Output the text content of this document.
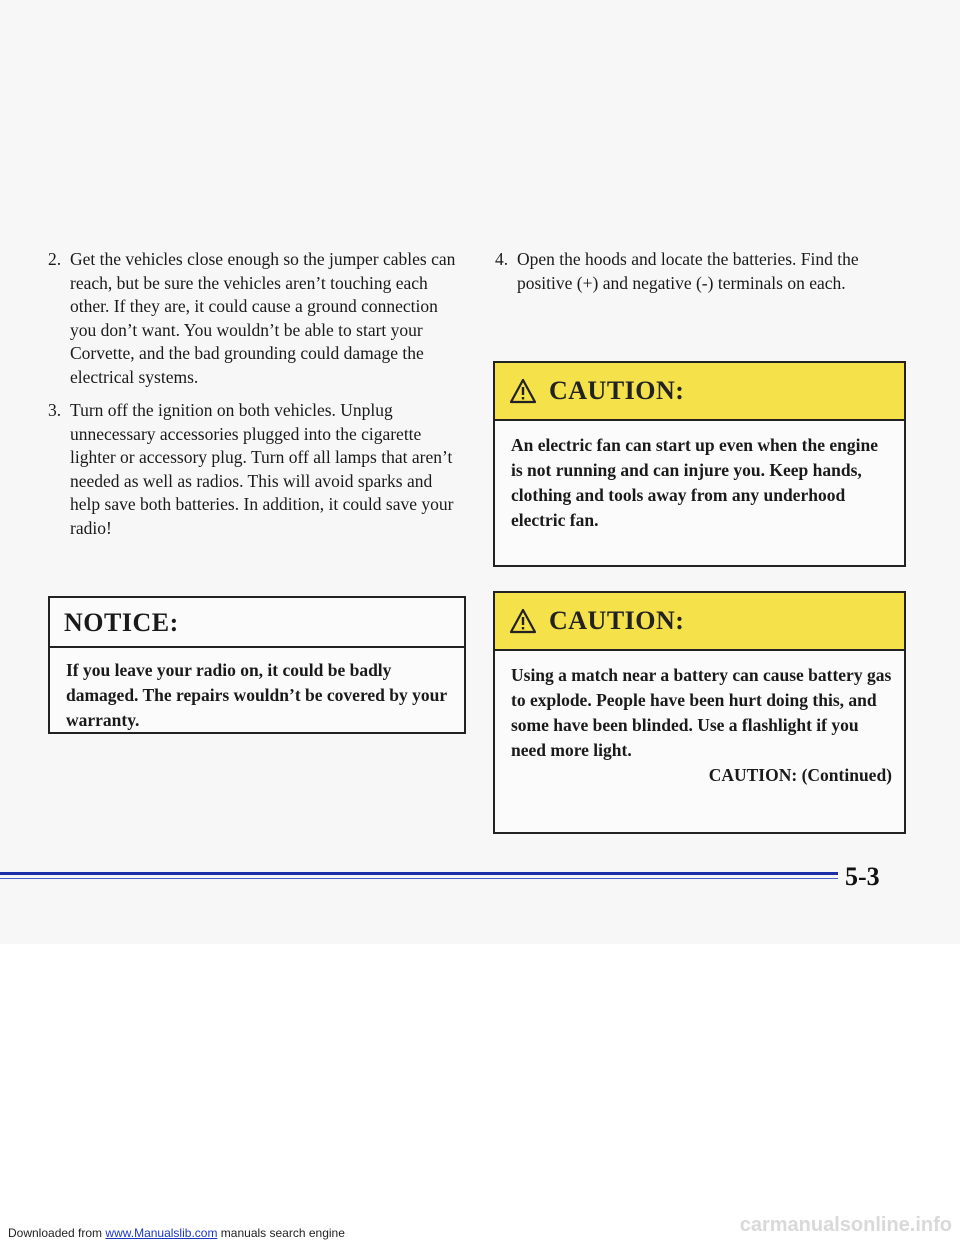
2. Get the vehicles close enough so the jumper cables can reach, but be sure the vehicles aren’t touching each other. If they are, it could cause a ground connection you don’t want. You wouldn’t be able to start your Corvette, and the bad grounding could damage the electrical systems.
3. Turn off the ignition on both vehicles. Unplug unnecessary accessories plugged into the cigarette lighter or accessory plug. Turn off all lamps that aren’t needed as well as radios. This will avoid sparks and help save both batteries. In addition, it could save your radio!
NOTICE:
If you leave your radio on, it could be badly damaged. The repairs wouldn’t be covered by your warranty.
4. Open the hoods and locate the batteries. Find the positive (+) and negative (-) terminals on each.
CAUTION:
An electric fan can start up even when the engine is not running and can injure you. Keep hands, clothing and tools away from any underhood electric fan.
CAUTION:
Using a match near a battery can cause battery gas to explode. People have been hurt doing this, and some have been blinded. Use a flashlight if you need more light.
CAUTION: (Continued)
5-3
Downloaded from www.Manualslib.com manuals search engine	carmanualsonline.info
